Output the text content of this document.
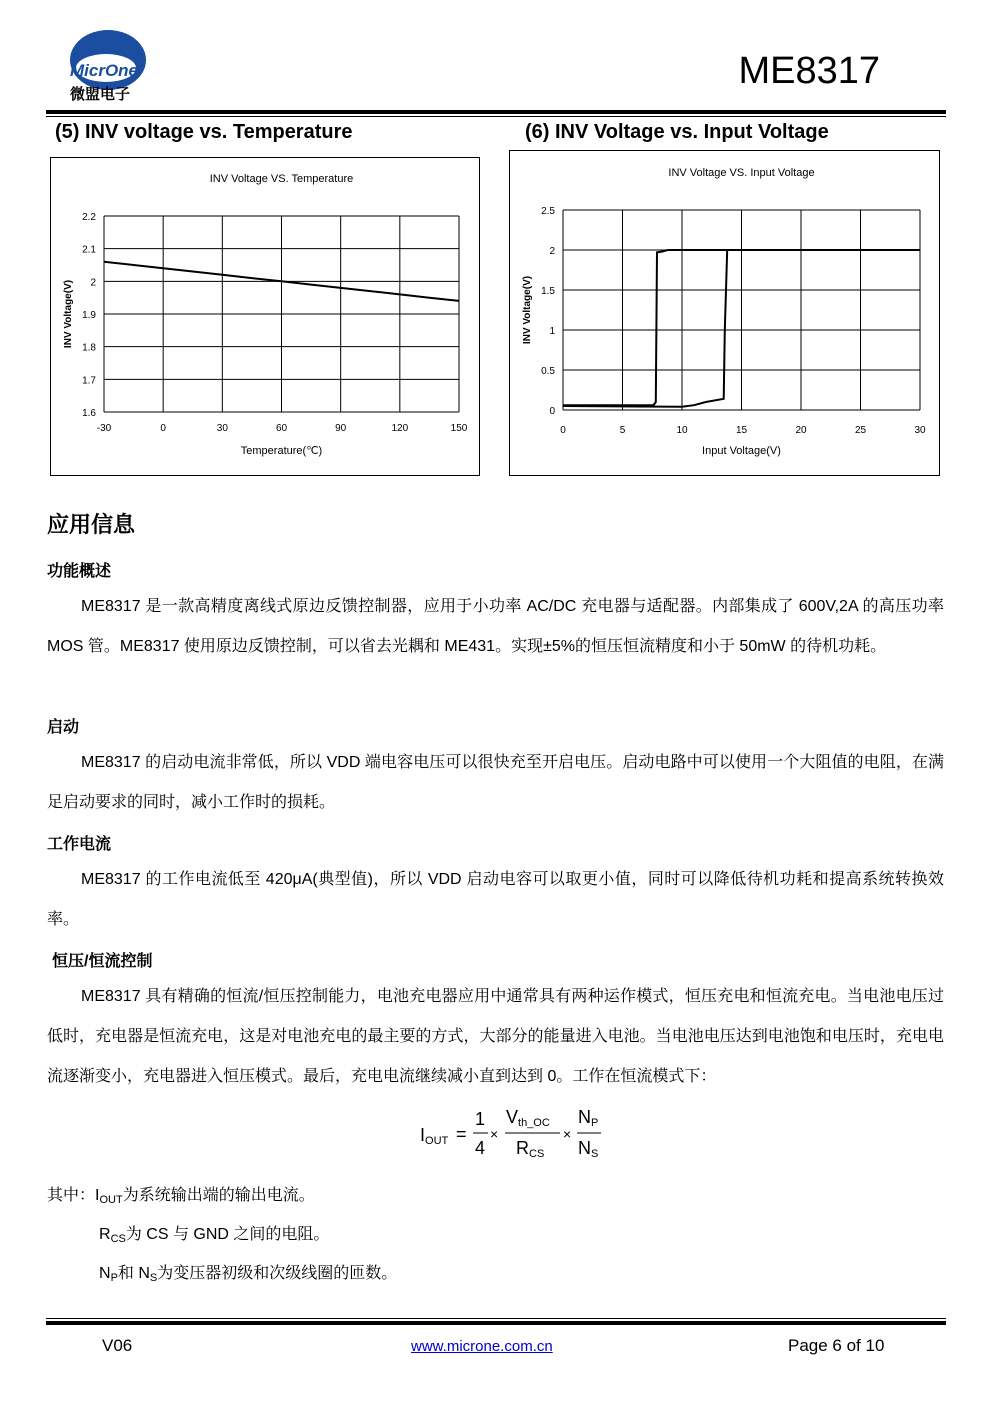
MicrOne
微盟电子
ME8317
(5) INV voltage vs. Temperature	(6) INV Voltage vs. Input Voltage
INV Voltage VS. Temperature
1.6
1.7
1.8
1.9
2
2.1
2.2
-30	0	30	60	90	120	150
Temperature(℃)
INV Voltage(V)
INV Voltage VS. Input Voltage
0
0.5
1
1.5
2
2.5
0	5	10	15	20	25	30
Input Voltage(V)
INV Voltage(V)
应用信息
功能概述
ME8317 是一款高精度离线式原边反馈控制器，应用于小功率 AC/DC 充电器与适配器。内部集成了 600V,2A 的高压功率 MOS 管。ME8317 使用原边反馈控制，可以省去光耦和 ME431。实现±5%的恒压恒流精度和小于 50mW 的待机功耗。
启动
ME8317 的启动电流非常低，所以 VDD 端电容电压可以很快充至开启电压。启动电路中可以使用一个大阻值的电阻，在满足启动要求的同时，减小工作时的损耗。
工作电流
ME8317 的工作电流低至 420μA(典型值)，所以 VDD 启动电容可以取更小值，同时可以降低待机功耗和提高系统转换效率。
恒压/恒流控制
ME8317 具有精确的恒流/恒压控制能力，电池充电器应用中通常具有两种运作模式，恒压充电和恒流充电。当电池电压过低时，充电器是恒流充电，这是对电池充电的最主要的方式，大部分的能量进入电池。当电池电压达到电池饱和电压时，充电电流逐渐变小，充电器进入恒压模式。最后，充电电流继续减小直到达到 0。工作在恒流模式下：
IOUT =
1
4
×
Vth_OC
RCS
×
NP
NS
其中：$I_{OUT}$为系统输出端的输出电流。
$R_{CS}$为 CS 与 GND 之间的电阻。
$N_P$和 $N_S$为变压器初级和次级线圈的匝数。
V06	www.microne.com.cn	Page 6 of 10
